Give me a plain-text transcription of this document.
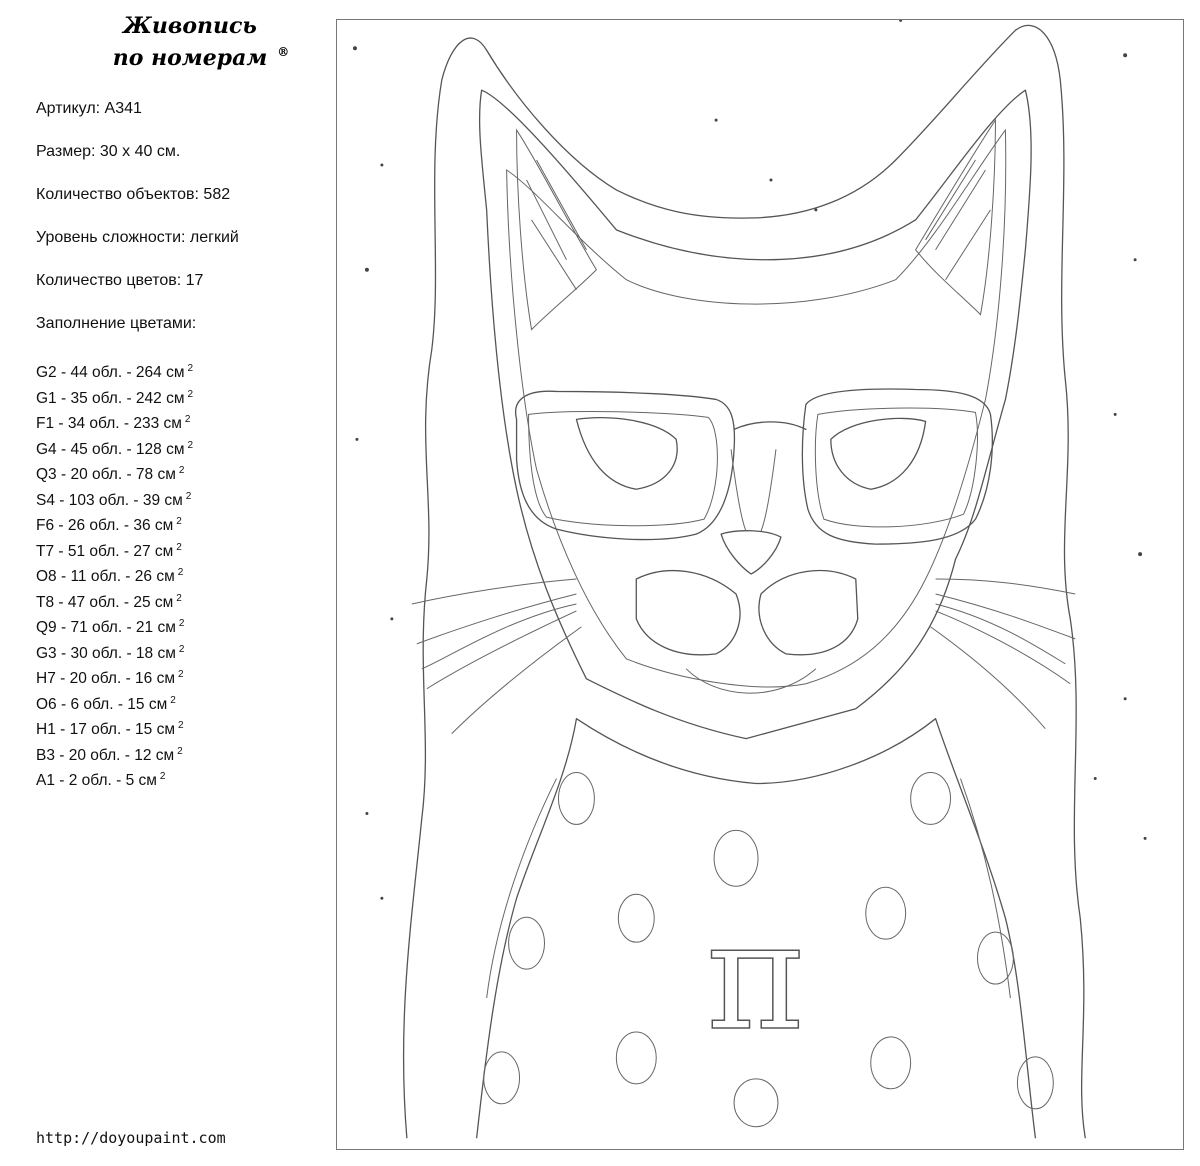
Живопись
по номерам ®
Артикул: A341
Размер: 30 х 40 см.
Количество объектов: 582
Уровень сложности: легкий
Количество цветов: 17
Заполнение цветами:
G2 - 44 обл. - 264 см $^2$
G1 - 35 обл. - 242 см $^2$
F1 - 34 обл. - 233 см $^2$
G4 - 45 обл. - 128 см $^2$
Q3 - 20 обл. - 78 см $^2$
S4 - 103 обл. - 39 см $^2$
F6 - 26 обл. - 36 см $^2$
T7 - 51 обл. - 27 см $^2$
O8 - 11 обл. - 26 см $^2$
T8 - 47 обл. - 25 см $^2$
Q9 - 71 обл. - 21 см $^2$
G3 - 30 обл. - 18 см $^2$
H7 - 20 обл. - 16 см $^2$
O6 - 6 обл. - 15 см $^2$
H1 - 17 обл. - 15 см $^2$
B3 - 20 обл. - 12 см $^2$
A1 - 2 обл. - 5 см $^2$
http://doyoupaint.com
π
